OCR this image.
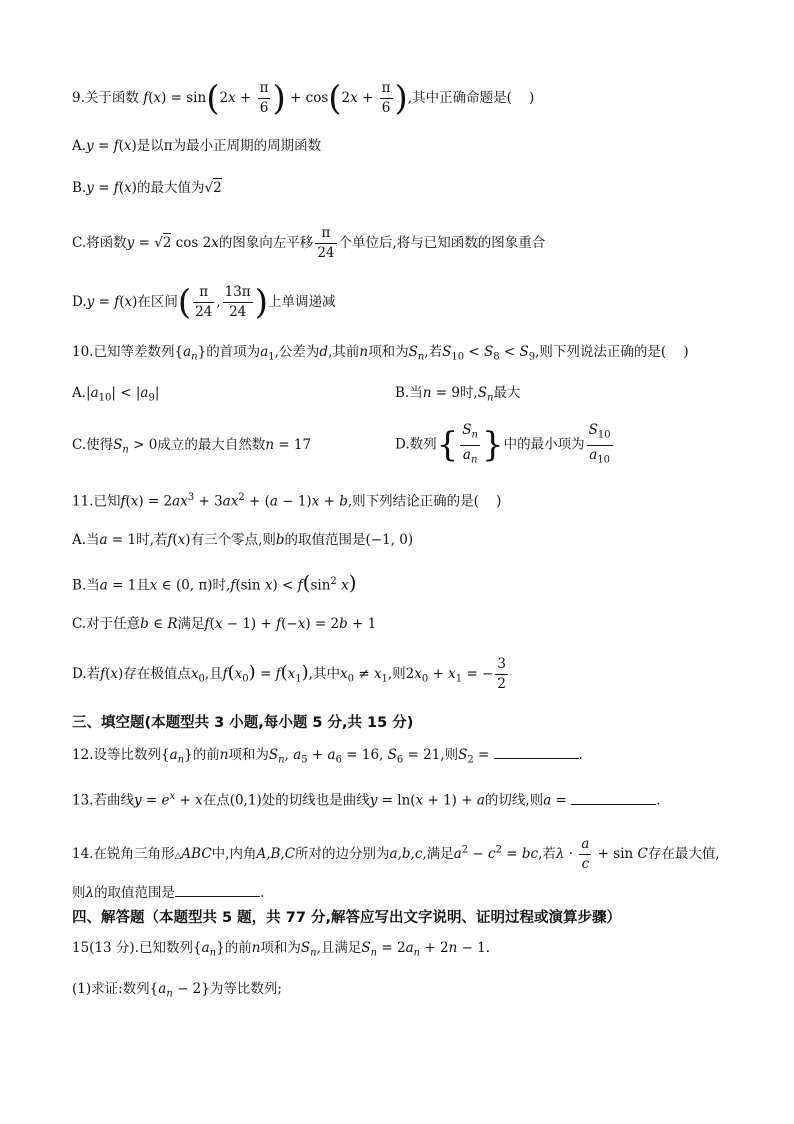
9.关于函数 $f(x) = \sin(2x + \frac{\pi}{6}$ ) + $\cos(2x + \frac{\pi}{6}$ ),其中正确命题是( )
A.y = f(x)是以π为最小正周期的周期函数
B.y = f(x)的最大值为√2
C.将函数y = √2 cos 2x的图象向左平移 $\frac{\pi}{24}$ 个单位后,将与已知函数的图象重合
D.y = f(x)在区间( $\frac{\pi}{24}$ , $\frac{13\pi}{24}$ )上单调递减
10.已知等差数列$\{a_n\}$的首项为$a_1$,公差为d,其前n项和为$S_n$,若$S_{10} < S_8 < S_9$,则下列说法正确的是( )
$A.|a_{10}| < |a_9|$	B.当n = 9时$,S_n$最大
C.使得$S_n > 0$成立的最大自然数n = 17	D.数列{ $\frac{S_n}{a_n}$ }中的最小项为 $\frac{S_{10}}{a_{10}}$
11.已知$f(x) = 2ax^3 + 3ax^2 + (a - 1)x + b$,则下列结论正确的是( )
A.当a = 1时,若f(x)有三个零点,则b的取值范围是(−1, 0)
B.当a = 1且x ∈ (0, π)时,f(sin $x) < f(\sin^2$ x)
C.对于任意b ∈ R满足f(x − 1) + f(−x) = 2b + 1
D.若f(x)存在极值点$x_0$,且$f(x_0) = f(x_1)$,其中$x_0 \ne x_1$,则$2x_0 + x_1$ = − $\frac{3}{2}$
三、填空题(本题型共 3 小题,每小题 5 分,共 15 分)
12.设等比数列$\{a_n\}$的前n项和为$S_n$, $a_5 + a_6 = 16$, $S_6 = 21$,则$S_2$ =	.
13.若曲线$y = e^x + x$在点(0,1)处的切线也是曲线y = ln(x + 1) + a的切线,则a =	.
14.在锐角三角形△ABC中,内角A,B,C所对的边分别为a,b,c,满足$a^2 - c^2$ = bc,若$\lambda \cdot \frac{a}{c} + \sin C$存在最大值,
则λ的取值范围是	.
四、解答题（本题型共 5 题，共 77 分,解答应写出文字说明、证明过程或演算步骤）
15(13 分).已知数列$\{a_n\}$的前n项和为$S_n$,且满足$S_n = 2a_n + 2n - 1$.
(1)求证:数列$\{a_n - 2\}$为等比数列;
